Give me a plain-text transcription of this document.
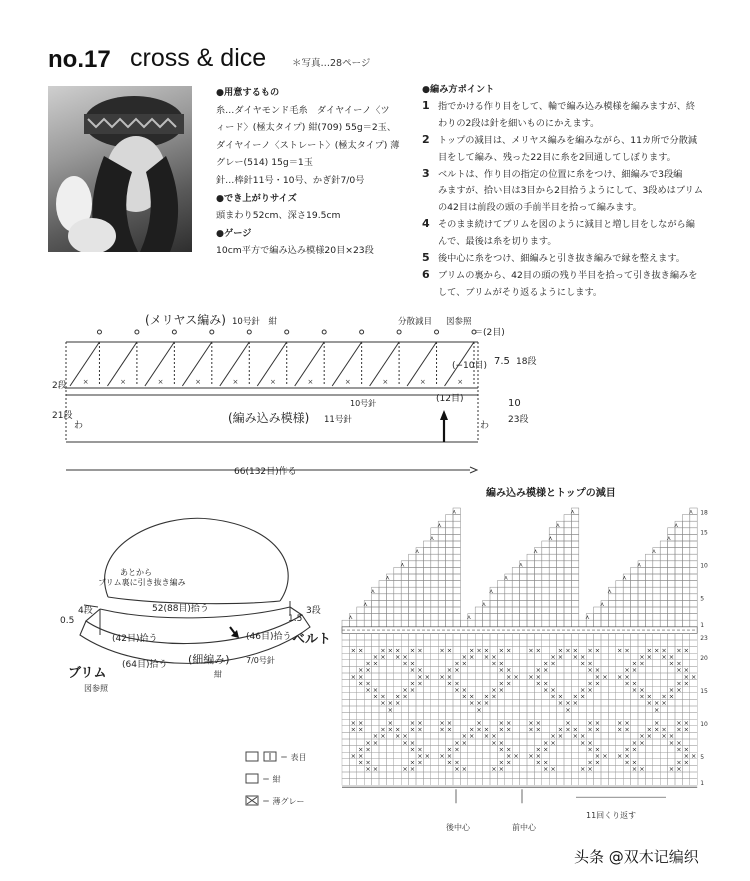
no.17 cross & dice	＊写真…28ページ
●用意するもの
糸…ダイヤモンド毛糸　ダイヤイーノ〈ツ
ィード〉(極太タイプ) 紺(709) 55g＝2玉、
ダイヤイーノ〈ストレート〉(極太タイプ) 薄
グレー(514) 15g＝1玉
針…棒針11号・10号、かぎ針7/0号
●でき上がりサイズ
頭まわり52cm、深さ19.5cm
●ゲージ
10cm平方で編み込み模様20目×23段
●編み方ポイント
1 指でかける作り目をして、輪で編み込み模様を編みますが、終
わりの2段は針を細いものにかえます。
2 トップの減目は、メリヤス編みを編みながら、11カ所で分散減
目をして編み、残った22目に糸を2回通してしぼります。
3 ベルトは、作り目の指定の位置に糸をつけ、細編みで3段編
みますが、拾い目は3目から2目拾うようにして、3段めはブリム
の42目は前段の頭の手前半目を拾って編みます。
4 そのまま続けてブリムを図のように減目と増し目をしながら編
んで、最後は糸を切ります。
5 後中心に糸をつけ、細編みと引き抜き編みで縁を整えます。
6 ブリムの裏から、42目の頭の残り半目を拾って引き抜き編みを
して、ブリムがそり返るようにします。
×	×	×	×	×	×	×	×	×	×	×
(メリヤス編み) 10号針　紺	分散減目 図参照
＝(2目)
(−10目)
(12目)
7.5 18段
10
23段
2段
21段
わ	わ
10号針
(編み込み模様) 11号針
66(132目)作る
あとから
ブリム裏に引き抜き編み
52(88目)拾う
(42目)拾う	(46目)拾う
(64目)拾う
0.5
4段
1.5
3段
ベルト
ブリム
図参照
(細編み) 7/0号針
紺
＝ 表目
＝ 紺
＝ 薄グレー
編み込み模様とトップの減目
⋏
⋏
⋏
⋏
⋏
⋏
⋏
⋏
⋏
⋏
⋏
⋏
⋏
⋏
⋏
⋏
⋏
⋏
⋏
⋏
⋏
⋏
⋏
⋏
⋏
⋏
⋏
× ×	× × × × ×	× ×	× × × × ×	× ×	× × × × ×	× ×	× × × × ×
× × × ×	× × × ×	× × × ×	× × × ×
× ×	× ×	× ×	× ×	× ×	× ×	× ×	× ×
× ×	× ×	× ×	× ×	× ×	× ×	× ×	× ×
× ×	× × × ×	× × × ×	× × × ×	× ×
× ×	× ×	× ×	× ×	× ×	× ×	× ×	× ×
× ×	× ×	× ×	× ×	× ×	× ×	× ×	× ×
× × × ×	× × × ×	× × × ×	× × × ×
× × ×	× × ×	× × ×	× × ×
×	×	×	×
× ×	×	× ×	× ×	×	× ×	× ×	×	× ×	× ×	×	× ×
× ×	× × × × ×	× ×	× × × × ×	× ×	× × × × ×	× ×	× × × × ×
× × × ×	× × × ×	× × × ×	× × × ×
× ×	× ×	× ×	× ×	× ×	× ×	× ×	× ×
× ×	× ×	× ×	× ×	× ×	× ×	× ×	× ×
× ×	× × × ×	× × × ×	× × × ×	× ×
× ×	× ×	× ×	× ×	× ×	× ×	× ×	× ×
× ×	× ×	× ×	× ×	× ×	× ×	× ×	× ×
18
15
10
5
1
23
20
15
10
5
1
11回くり返す
後中心	前中心
头条 @双木记编织
